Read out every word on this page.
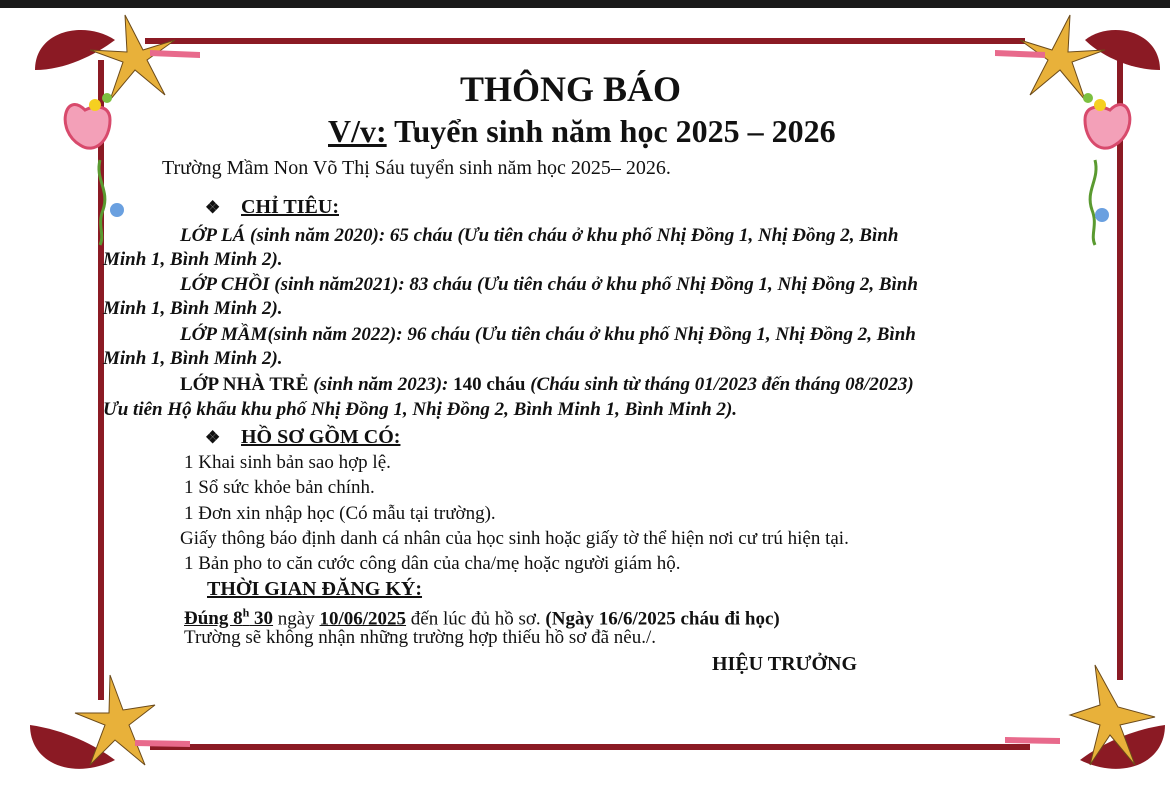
THÔNG BÁO
V/v: Tuyển sinh năm học 2025 – 2026
Trường Mầm Non Võ Thị Sáu tuyển sinh năm học 2025– 2026.
❖ CHỈ TIÊU:
LỚP LÁ (sinh năm 2020): 65 cháu (Ưu tiên cháu ở khu phố Nhị Đồng 1, Nhị Đồng 2, Bình
Minh 1, Bình Minh 2).
LỚP CHỒI (sinh năm2021): 83 cháu (Ưu tiên cháu ở khu phố Nhị Đồng 1, Nhị Đồng 2, Bình
Minh 1, Bình Minh 2).
LỚP MẦM(sinh năm 2022): 96 cháu (Ưu tiên cháu ở khu phố Nhị Đồng 1, Nhị Đồng 2, Bình
Minh 1, Bình Minh 2).
LỚP NHÀ TRẺ (sinh năm 2023): 140 cháu (Cháu sinh từ tháng 01/2023 đến tháng 08/2023)
Ưu tiên Hộ khẩu khu phố Nhị Đồng 1, Nhị Đồng 2, Bình Minh 1, Bình Minh 2).
❖ HỒ SƠ GỒM CÓ:
1 Khai sinh bản sao hợp lệ.
1 Sổ sức khỏe bản chính.
1 Đơn xin nhập học (Có mẫu tại trường).
Giấy thông báo định danh cá nhân của học sinh hoặc giấy tờ thể hiện nơi cư trú hiện tại.
1 Bản pho to căn cước công dân của cha/mẹ hoặc người giám hộ.
THỜI GIAN ĐĂNG KÝ:
Đúng 8$^h$ 30 ngày 10/06/2025 đến lúc đủ hồ sơ. (Ngày 16/6/2025 cháu đi học)
Trường sẽ không nhận những trường hợp thiếu hồ sơ đã nêu./.
HIỆU TRƯỞNG
